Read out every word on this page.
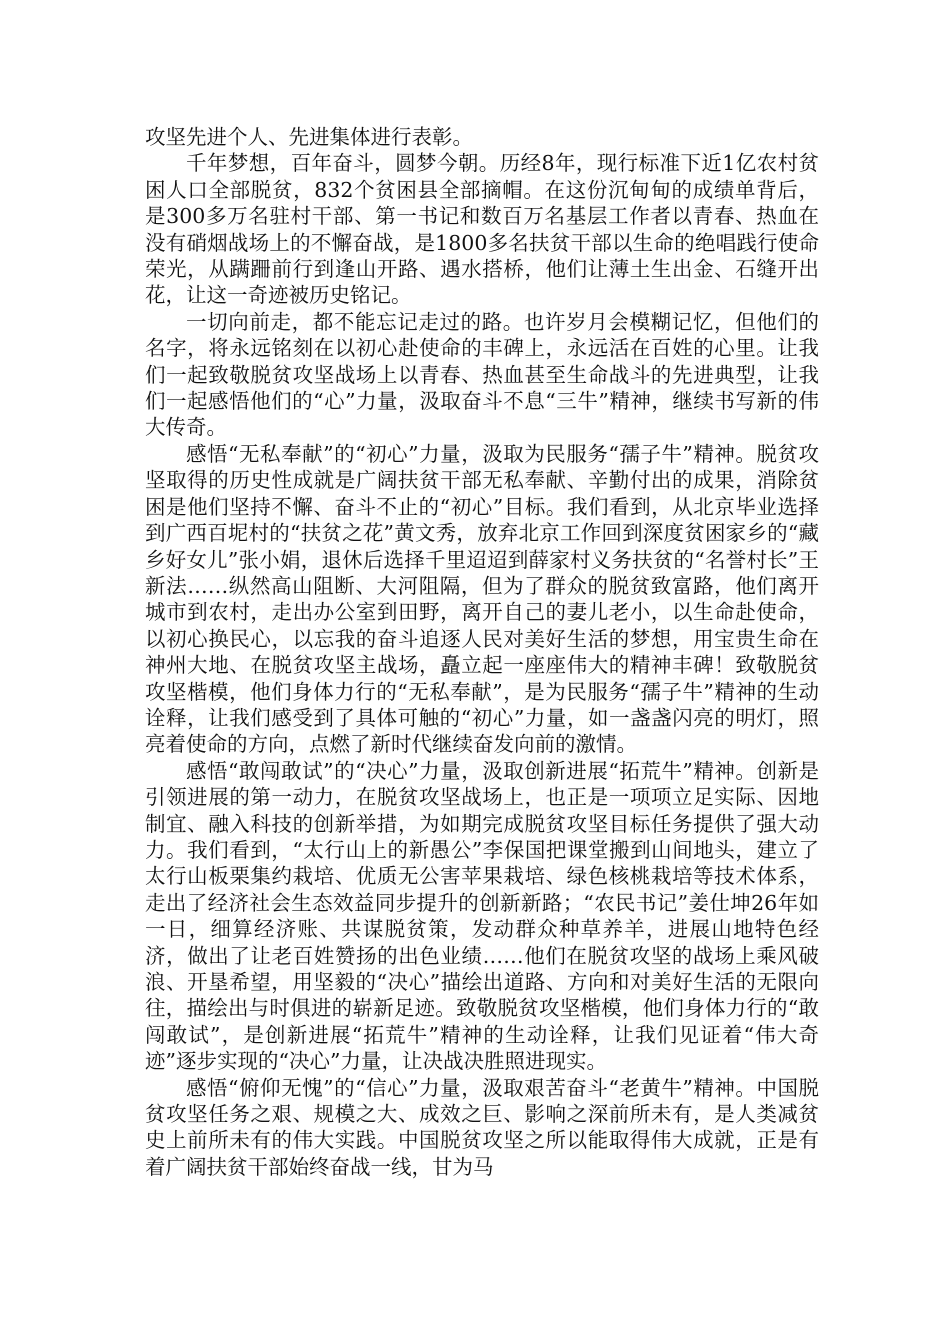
攻坚先进个人、先进集体进行表彰。

千年梦想，百年奋斗，圆梦今朝。历经8年，现行标准下近1亿农村贫困人口全部脱贫，832个贫困县全部摘帽。在这份沉甸甸的成绩单背后，是300多万名驻村干部、第一书记和数百万名基层工作者以青春、热血在没有硝烟战场上的不懈奋战，是1800多名扶贫干部以生命的绝唱践行使命荣光，从蹒跚前行到逢山开路、遇水搭桥，他们让薄土生出金、石缝开出花，让这一奇迹被历史铭记。

一切向前走，都不能忘记走过的路。也许岁月会模糊记忆，但他们的名字，将永远铭刻在以初心赴使命的丰碑上，永远活在百姓的心里。让我们一起致敬脱贫攻坚战场上以青春、热血甚至生命战斗的先进典型，让我们一起感悟他们的“心”力量，汲取奋斗不息“三牛”精神，继续书写新的伟大传奇。

感悟“无私奉献”的“初心”力量，汲取为民服务“孺子牛”精神。脱贫攻坚取得的历史性成就是广阔扶贫干部无私奉献、辛勤付出的成果，消除贫困是他们坚持不懈、奋斗不止的“初心”目标。我们看到，从北京毕业选择到广西百坭村的“扶贫之花”黄文秀，放弃北京工作回到深度贫困家乡的“藏乡好女儿”张小娟，退休后选择千里迢迢到薛家村义务扶贫的“名誉村长”王新法……纵然高山阻断、大河阻隔，但为了群众的脱贫致富路，他们离开城市到农村，走出办公室到田野，离开自己的妻儿老小，以生命赴使命，以初心换民心，以忘我的奋斗追逐人民对美好生活的梦想，用宝贵生命在神州大地、在脱贫攻坚主战场，矗立起一座座伟大的精神丰碑！致敬脱贫攻坚楷模，他们身体力行的“无私奉献”，是为民服务“孺子牛”精神的生动诠释，让我们感受到了具体可触的“初心”力量，如一盏盏闪亮的明灯，照亮着使命的方向，点燃了新时代继续奋发向前的激情。

感悟“敢闯敢试”的“决心”力量，汲取创新进展“拓荒牛”精神。创新是引领进展的第一动力，在脱贫攻坚战场上，也正是一项项立足实际、因地制宜、融入科技的创新举措，为如期完成脱贫攻坚目标任务提供了强大动力。我们看到，“太行山上的新愚公”李保国把课堂搬到山间地头，建立了太行山板栗集约栽培、优质无公害苹果栽培、绿色核桃栽培等技术体系，走出了经济社会生态效益同步提升的创新新路；“农民书记”姜仕坤26年如一日，细算经济账、共谋脱贫策，发动群众种草养羊，进展山地特色经济，做出了让老百姓赞扬的出色业绩……他们在脱贫攻坚的战场上乘风破浪、开垦希望，用坚毅的“决心”描绘出道路、方向和对美好生活的无限向往，描绘出与时俱进的崭新足迹。致敬脱贫攻坚楷模，他们身体力行的“敢闯敢试”，是创新进展“拓荒牛”精神的生动诠释，让我们见证着“伟大奇迹”逐步实现的“决心”力量，让决战决胜照进现实。

感悟“俯仰无愧”的“信心”力量，汲取艰苦奋斗“老黄牛”精神。中国脱贫攻坚任务之艰、规模之大、成效之巨、影响之深前所未有，是人类减贫史上前所未有的伟大实践。中国脱贫攻坚之所以能取得伟大成就，正是有着广阔扶贫干部始终奋战一线，甘为马
